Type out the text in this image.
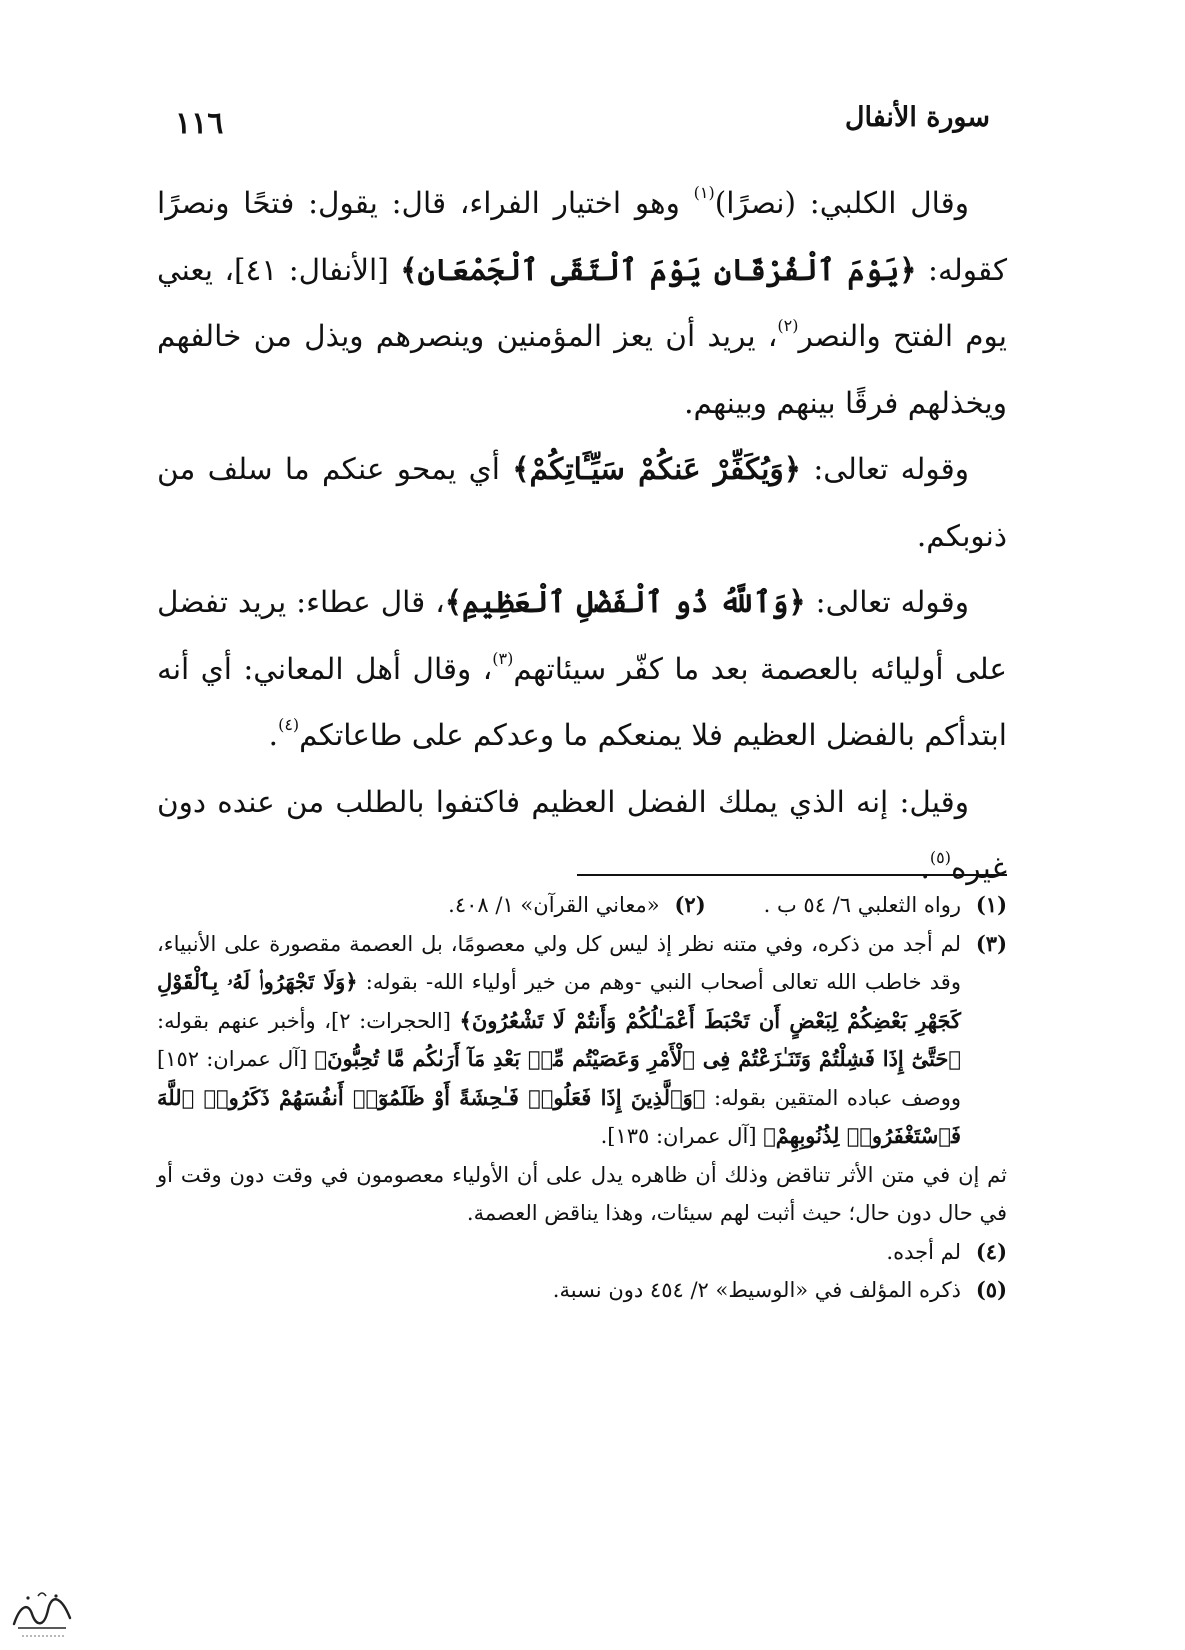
سورة الأنفال
١١٦

وقال الكلبي: (نصرًا)$^{(١)}$ وهو اختيار الفراء، قال: يقول: فتحًا ونصرًا كقوله: ﴿يَوْمَ ٱلْفُرْقَانِ يَوْمَ ٱلْتَقَى ٱلْجَمْعَانِ﴾ [الأنفال: ٤١]، يعني يوم الفتح والنصر$^{(٢)}$، يريد أن يعز المؤمنين وينصرهم ويذل من خالفهم ويخذلهم فرقًا بينهم وبينهم.

وقوله تعالى: ﴿وَيُكَفِّرْ عَنكُمْ سَيِّـَٔاتِكُمْ﴾ أي يمحو عنكم ما سلف من ذنوبكم.

وقوله تعالى: ﴿وَٱللَّهُ ذُو ٱلْفَضْلِ ٱلْعَظِيمِ﴾، قال عطاء: يريد تفضل على أوليائه بالعصمة بعد ما كفّر سيئاتهم$^{(٣)}$، وقال أهل المعاني: أي أنه ابتدأكم بالفضل العظيم فلا يمنعكم ما وعدكم على طاعاتكم$^{(٤)}$.

وقيل: إنه الذي يملك الفضل العظيم فاكتفوا بالطلب من عنده دون غيره$^{(٥)}$.

(١)
رواه الثعلبي ٦/ ٥٤ ب .
(٢)
«معاني القرآن» ١/ ٤٠٨.
(٣)
لم أجد من ذكره، وفي متنه نظر إذ ليس كل ولي معصومًا، بل العصمة مقصورة على الأنبياء، وقد خاطب الله تعالى أصحاب النبي -وهم من خير أولياء الله- بقوله: ﴿وَلَا تَجْهَرُوا۟ لَهُۥ بِٱلْقَوْلِ كَجَهْرِ بَعْضِكُمْ لِبَعْضٍ أَن تَحْبَطَ أَعْمَـٰلُكُمْ وَأَنتُمْ لَا تَشْعُرُونَ﴾ [الحجرات: ٢]، وأخبر عنهم بقوله: ﴿حَتَّىٰٓ إِذَا فَشِلْتُمْ وَتَنَـٰزَعْتُمْ فِى ٱلْأَمْرِ وَعَصَيْتُم مِّنۢ بَعْدِ مَآ أَرَىٰكُم مَّا تُحِبُّونَ﴾ [آل عمران: ١٥٢] ووصف عباده المتقين بقوله: ﴿وَٱلَّذِينَ إِذَا فَعَلُوا۟ فَـٰحِشَةً أَوْ ظَلَمُوٓا۟ أَنفُسَهُمْ ذَكَرُوا۟ ٱللَّهَ فَٱسْتَغْفَرُوا۟ لِذُنُوبِهِمْ﴾ [آل عمران: ١٣٥].

ثم إن في متن الأثر تناقض وذلك أن ظاهره يدل على أن الأولياء معصومون في وقت دون وقت أو في حال دون حال؛ حيث أثبت لهم سيئات، وهذا يناقض العصمة.

(٤)
لم أجده.
(٥)
ذكره المؤلف في «الوسيط» ٢/ ٤٥٤ دون نسبة.
